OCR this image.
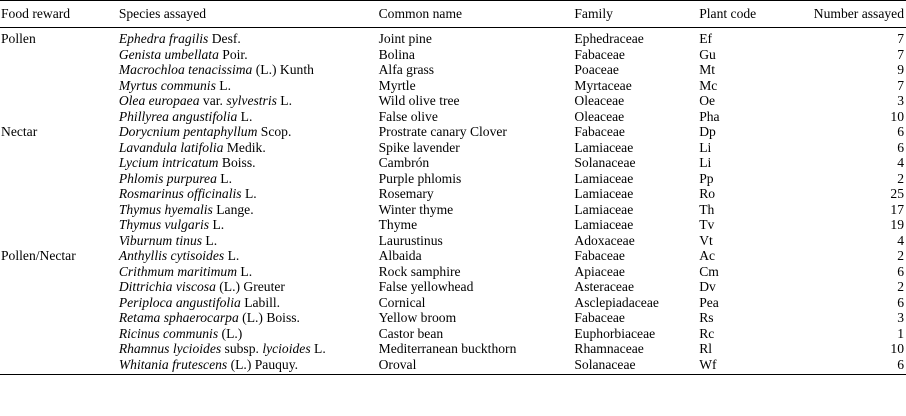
Food reward	Species assayed	Common name	Family	Plant code	Number assayed
Pollen	Ephedra fragilis Desf.	Joint pine	Ephedraceae	Ef	7
	Genista umbellata Poir.	Bolina	Fabaceae	Gu	7
	Macrochloa tenacissima (L.) Kunth	Alfa grass	Poaceae	Mt	9
	Myrtus communis L.	Myrtle	Myrtaceae	Mc	7
	Olea europaea var. sylvestris L.	Wild olive tree	Oleaceae	Oe	3
	Phillyrea angustifolia L.	False olive	Oleaceae	Pha	10
Nectar	Dorycnium pentaphyllum Scop.	Prostrate canary Clover	Fabaceae	Dp	6
	Lavandula latifolia Medik.	Spike lavender	Lamiaceae	Li	6
	Lycium intricatum Boiss.	Cambrón	Solanaceae	Li	4
	Phlomis purpurea L.	Purple phlomis	Lamiaceae	Pp	2
	Rosmarinus officinalis L.	Rosemary	Lamiaceae	Ro	25
	Thymus hyemalis Lange.	Winter thyme	Lamiaceae	Th	17
	Thymus vulgaris L.	Thyme	Lamiaceae	Tv	19
	Viburnum tinus L.	Laurustinus	Adoxaceae	Vt	4
Pollen/Nectar	Anthyllis cytisoides L.	Albaida	Fabaceae	Ac	2
	Crithmum maritimum L.	Rock samphire	Apiaceae	Cm	6
	Dittrichia viscosa (L.) Greuter	False yellowhead	Asteraceae	Dv	2
	Periploca angustifolia Labill.	Cornical	Asclepiadaceae	Pea	6
	Retama sphaerocarpa (L.) Boiss.	Yellow broom	Fabaceae	Rs	3
	Ricinus communis (L.)	Castor bean	Euphorbiaceae	Rc	1
	Rhamnus lycioides subsp. lycioides L.	Mediterranean buckthorn	Rhamnaceae	Rl	10
	Whitania frutescens (L.) Pauquy.	Oroval	Solanaceae	Wf	6
